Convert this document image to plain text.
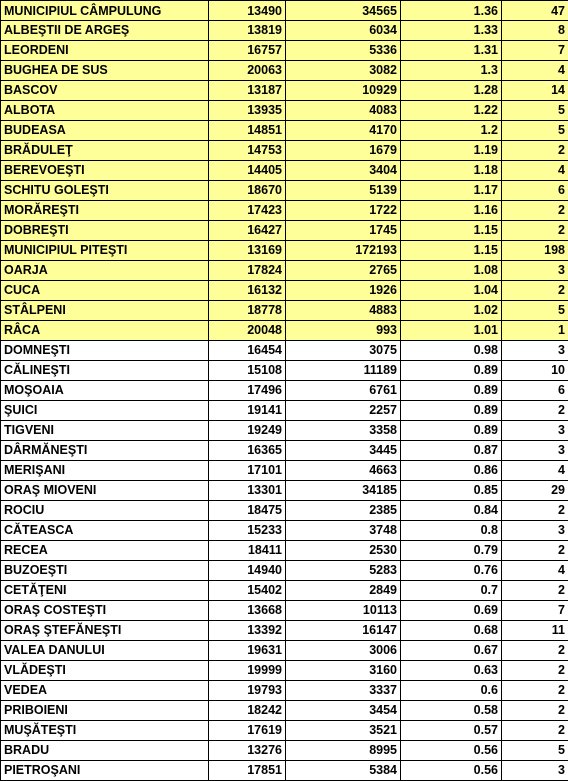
MUNICIPIUL CÂMPULUNG	13490	34565	1.36	47
ALBEŞTII DE ARGEŞ	13819	6034	1.33	8
LEORDENI	16757	5336	1.31	7
BUGHEA DE SUS	20063	3082	1.3	4
BASCOV	13187	10929	1.28	14
ALBOTA	13935	4083	1.22	5
BUDEASA	14851	4170	1.2	5
BRĂDULEŢ	14753	1679	1.19	2
BEREVOEŞTI	14405	3404	1.18	4
SCHITU GOLEŞTI	18670	5139	1.17	6
MORĂREŞTI	17423	1722	1.16	2
DOBREŞTI	16427	1745	1.15	2
MUNICIPIUL PITEŞTI	13169	172193	1.15	198
OARJA	17824	2765	1.08	3
CUCA	16132	1926	1.04	2
STÂLPENI	18778	4883	1.02	5
RÂCA	20048	993	1.01	1
DOMNEŞTI	16454	3075	0.98	3
CĂLINEŞTI	15108	11189	0.89	10
MOŞOAIA	17496	6761	0.89	6
ŞUICI	19141	2257	0.89	2
TIGVENI	19249	3358	0.89	3
DÂRMĂNEŞTI	16365	3445	0.87	3
MERIŞANI	17101	4663	0.86	4
ORAŞ MIOVENI	13301	34185	0.85	29
ROCIU	18475	2385	0.84	2
CĂTEASCA	15233	3748	0.8	3
RECEA	18411	2530	0.79	2
BUZOEŞTI	14940	5283	0.76	4
CETĂŢENI	15402	2849	0.7	2
ORAŞ COSTEŞTI	13668	10113	0.69	7
ORAŞ ŞTEFĂNEŞTI	13392	16147	0.68	11
VALEA DANULUI	19631	3006	0.67	2
VLĂDEŞTI	19999	3160	0.63	2
VEDEA	19793	3337	0.6	2
PRIBOIENI	18242	3454	0.58	2
MUŞĂTEŞTI	17619	3521	0.57	2
BRADU	13276	8995	0.56	5
PIETROŞANI	17851	5384	0.56	3
